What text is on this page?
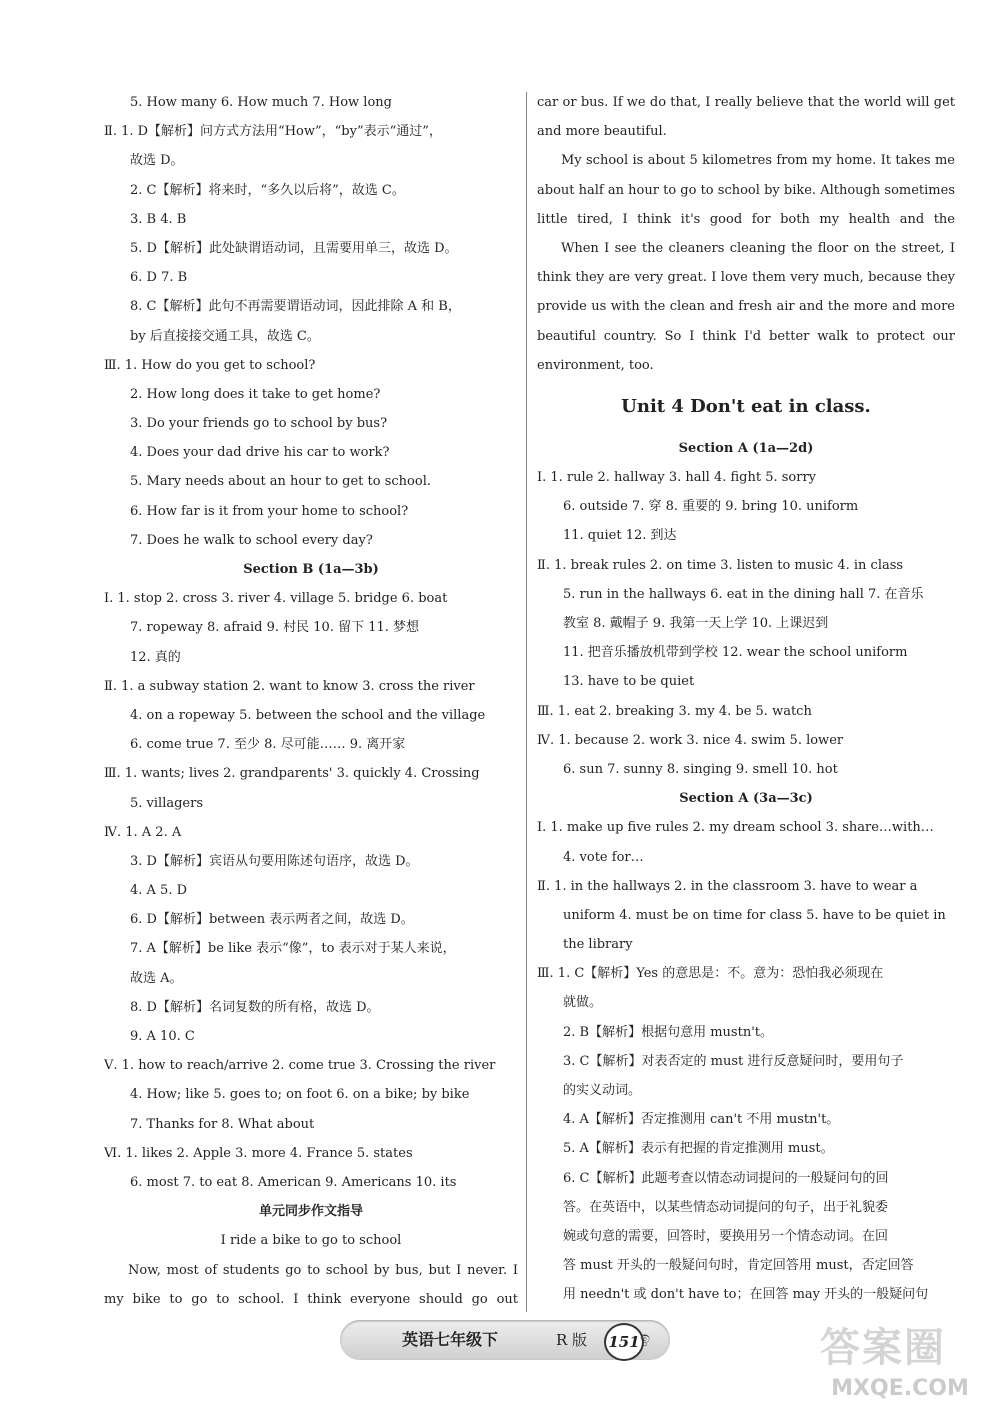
5. How many 6. How much 7. How long
Ⅱ. 1. D【解析】问方式方法用“How”，“by”表示“通过”，
故选 D。
2. C【解析】将来时，“多久以后将”，故选 C。
3. B 4. B
5. D【解析】此处缺谓语动词，且需要用单三，故选 D。
6. D 7. B
8. C【解析】此句不再需要谓语动词，因此排除 A 和 B，
by 后直接接交通工具，故选 C。
Ⅲ. 1. How do you get to school?
2. How long does it take to get home?
3. Do your friends go to school by bus?
4. Does your dad drive his car to work?
5. Mary needs about an hour to get to school.
6. How far is it from your home to school?
7. Does he walk to school every day?
Section B (1a—3b)
Ⅰ. 1. stop 2. cross 3. river 4. village 5. bridge 6. boat
7. ropeway 8. afraid 9. 村民 10. 留下 11. 梦想
12. 真的
Ⅱ. 1. a subway station 2. want to know 3. cross the river
4. on a ropeway 5. between the school and the village
6. come true 7. 至少 8. 尽可能…… 9. 离开家
Ⅲ. 1. wants; lives 2. grandparents' 3. quickly 4. Crossing
5. villagers
Ⅳ. 1. A 2. A
3. D【解析】宾语从句要用陈述句语序，故选 D。
4. A 5. D
6. D【解析】between 表示两者之间，故选 D。
7. A【解析】be like 表示“像”，to 表示对于某人来说，
故选 A。
8. D【解析】名词复数的所有格，故选 D。
9. A 10. C
Ⅴ. 1. how to reach/arrive 2. come true 3. Crossing the river
4. How; like 5. goes to; on foot 6. on a bike; by bike
7. Thanks for 8. What about
Ⅵ. 1. likes 2. Apple 3. more 4. France 5. states
6. most 7. to eat 8. American 9. Americans 10. its
单元同步作文指导
I ride a bike to go to school
Now, most of students go to school by bus, but I never. I
my bike to go to school. I think everyone should go out
car or bus. If we do that, I really believe that the world will get
and more beautiful.
My school is about 5 kilometres from my home. It takes me
about half an hour to go to school by bike. Although sometimes
little tired, I think it's good for both my health and the
When I see the cleaners cleaning the floor on the street, I
think they are very great. I love them very much, because they
provide us with the clean and fresh air and the more and more
beautiful country. So I think I'd better walk to protect our
environment, too.
Unit 4 Don't eat in class.
Section A (1a—2d)
Ⅰ. 1. rule 2. hallway 3. hall 4. fight 5. sorry
6. outside 7. 穿 8. 重要的 9. bring 10. uniform
11. quiet 12. 到达
Ⅱ. 1. break rules 2. on time 3. listen to music 4. in class
5. run in the hallways 6. eat in the dining hall 7. 在音乐
教室 8. 戴帽子 9. 我第一天上学 10. 上课迟到
11. 把音乐播放机带到学校 12. wear the school uniform
13. have to be quiet
Ⅲ. 1. eat 2. breaking 3. my 4. be 5. watch
Ⅳ. 1. because 2. work 3. nice 4. swim 5. lower
6. sun 7. sunny 8. singing 9. smell 10. hot
Section A (3a—3c)
Ⅰ. 1. make up five rules 2. my dream school 3. share…with…
4. vote for…
Ⅱ. 1. in the hallways 2. in the classroom 3. have to wear a
uniform 4. must be on time for class 5. have to be quiet in
the library
Ⅲ. 1. C【解析】Yes 的意思是：不。意为：恐怕我必须现在
就做。
2. B【解析】根据句意用 mustn't。
3. C【解析】对表否定的 must 进行反意疑问时，要用句子
的实义动词。
4. A【解析】否定推测用 can't 不用 mustn't。
5. A【解析】表示有把握的肯定推测用 must。
6. C【解析】此题考查以情态动词提问的一般疑问句的回
答。在英语中，以某些情态动词提问的句子，出于礼貌委
婉或句意的需要，回答时，要换用另一个情态动词。在回
答 must 开头的一般疑问句时，肯定回答用 must，否定回答
用 needn't 或 don't have to；在回答 may 开头的一般疑问句
英语七年级下	R 版 151 ඉ	答案圈
MXQE.COM
